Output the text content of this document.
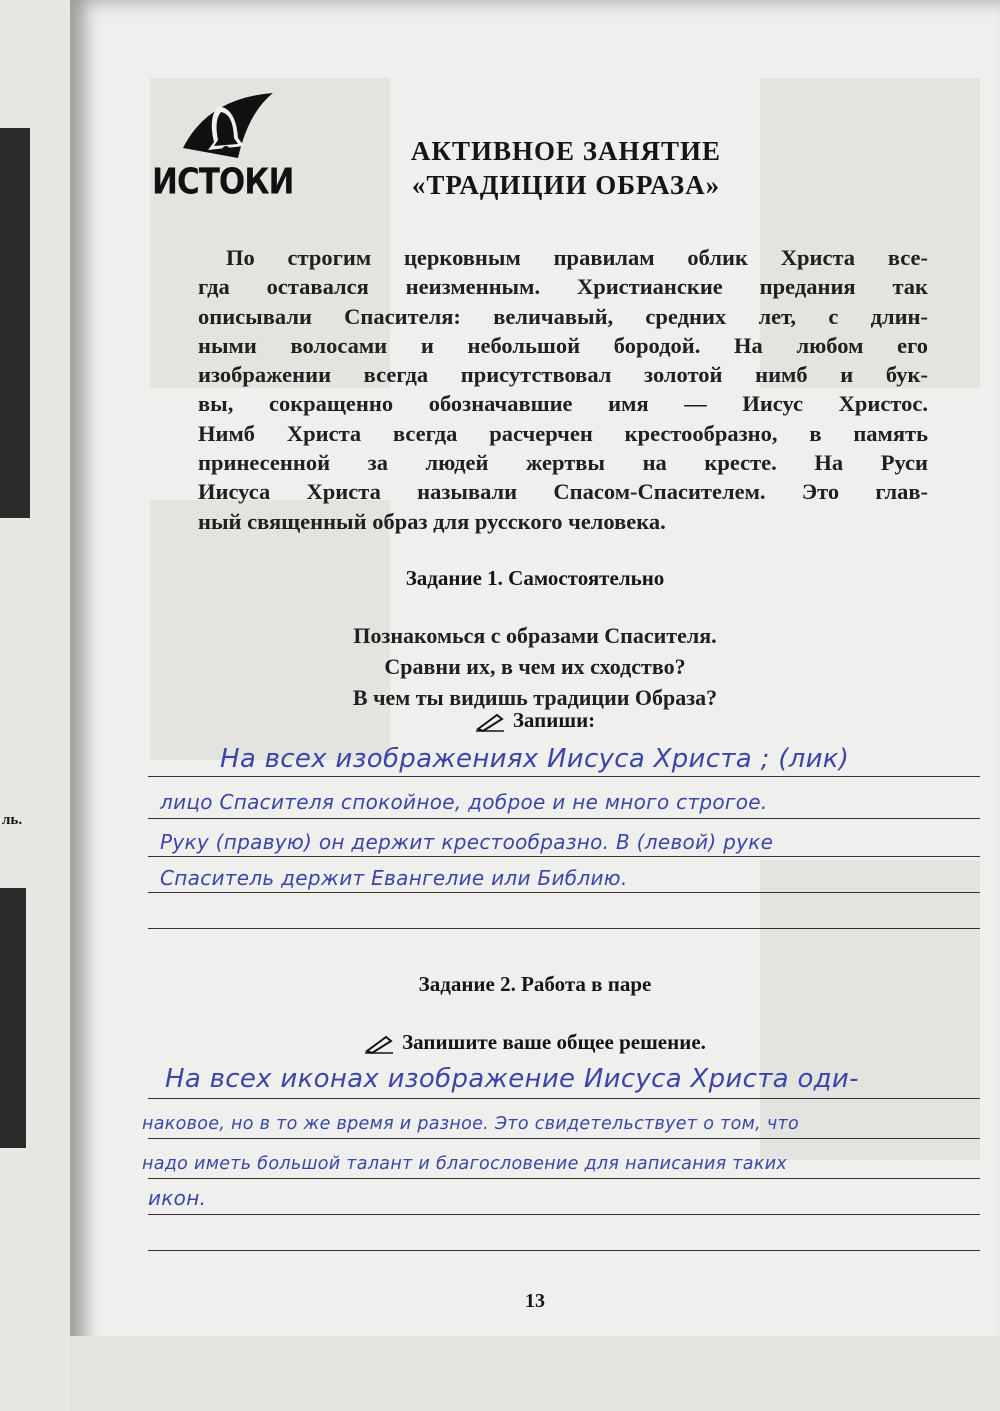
ль.
ИСТОКИ
АКТИВНОЕ ЗАНЯТИЕ
«ТРАДИЦИИ ОБРАЗА»
По строгим церковным правилам облик Христа все-
гда оставался неизменным. Христианские предания так
описывали Спасителя: величавый, средних лет, с длин-
ными волосами и небольшой бородой. На любом его
изображении всегда присутствовал золотой нимб и бук-
вы, сокращенно обозначавшие имя — Иисус Христос.
Нимб Христа всегда расчерчен крестообразно, в память
принесенной за людей жертвы на кресте. На Руси
Иисуса Христа называли Спасом-Спасителем. Это глав-
ный священный образ для русского человека.
Задание 1. Самостоятельно
Познакомься с образами Спасителя.
Сравни их, в чем их сходство?
В чем ты видишь традиции Образа?
Запиши:
На всех изображениях Иисуса Христа ; (лик)
лицо Спасителя спокойное, доброе и не много строгое.
Руку (правую) он держит крестообразно. В (левой) руке
Спаситель держит Евангелие или Библию.
Задание 2. Работа в паре
Запишите ваше общее решение.
На всех иконах изображение Иисуса Христа оди-
наковое, но в то же время и разное. Это свидетельствует о том, что
надо иметь большой талант и благословение для написания таких
икон.
13
